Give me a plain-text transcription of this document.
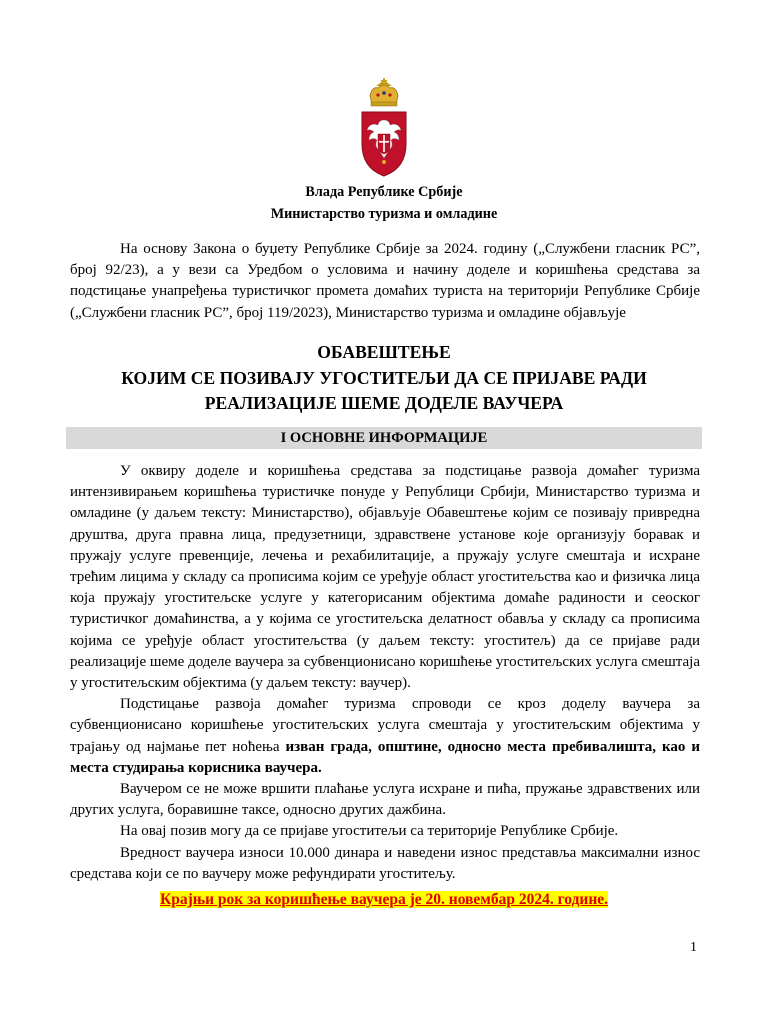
Влада Републике Србије
Министарство туризма и омладине

На основу Закона о буџету Републике Србије за 2024. годину („Службени гласник РС”, број 92/23), а у вези са Уредбом о условима и начину доделе и коришћења средстава за подстицање унапређења туристичког промета домаћих туриста на територији Републике Србије („Службени гласник РС”, број 119/2023), Министарство туризма и омладине објављује

ОБАВЕШТЕЊЕ
КОЈИМ СЕ ПОЗИВАЈУ УГОСТИТЕЉИ ДА СЕ ПРИЈАВЕ РАДИ
РЕАЛИЗАЦИЈЕ ШЕМЕ ДОДЕЛЕ ВАУЧЕРА
I ОСНОВНЕ ИНФОРМАЦИЈЕ

У оквиру доделе и коришћења средстава за подстицање развоја домаћег туризма интензивирањем коришћења туристичке понуде у Републици Србији, Министарство туризма и омладине (у даљем тексту: Министарство), објављује Обавештење којим се позивају привредна друштва, друга правна лица, предузетници, здравствене установе које организују боравак и пружају услуге превенције, лечења и рехабилитације, а пружају услуге смештаја и исхране трећим лицима у складу са прописима којим се уређује област угоститељства као и физичка лица која пружају угоститељске услуге у категорисаним објектима домаће радиности и сеоског туристичког домаћинства, а у којима се угоститељска делатност обавља у складу са прописима којима се уређује област угоститељства (у даљем тексту: угоститељ) да се пријаве ради реализације шеме доделе ваучера за субвенционисано коришћење угоститељских услуга смештаја у угоститељским објектима (у даљем тексту: ваучер).

Подстицање развоја домаћег туризма спроводи се кроз доделу ваучера за субвенционисано коришћење угоститељских услуга смештаја у угоститељским објектима у трајању од најмање пет ноћења изван града, општине, односно места пребивалишта, као и места студирања корисника ваучера.

Ваучером се не може вршити плаћање услуга исхране и пића, пружање здравствених или других услуга, боравишне таксе, односно других дажбина.

На овај позив могу да се пријаве угоститељи са територије Републике Србије.

Вредност ваучера износи 10.000 динара и наведени износ представља максимални износ средстава који се по ваучеру може рефундирати угоститељу.

Крајњи рок за коришћење ваучера је 20. новембар 2024. године.
1
